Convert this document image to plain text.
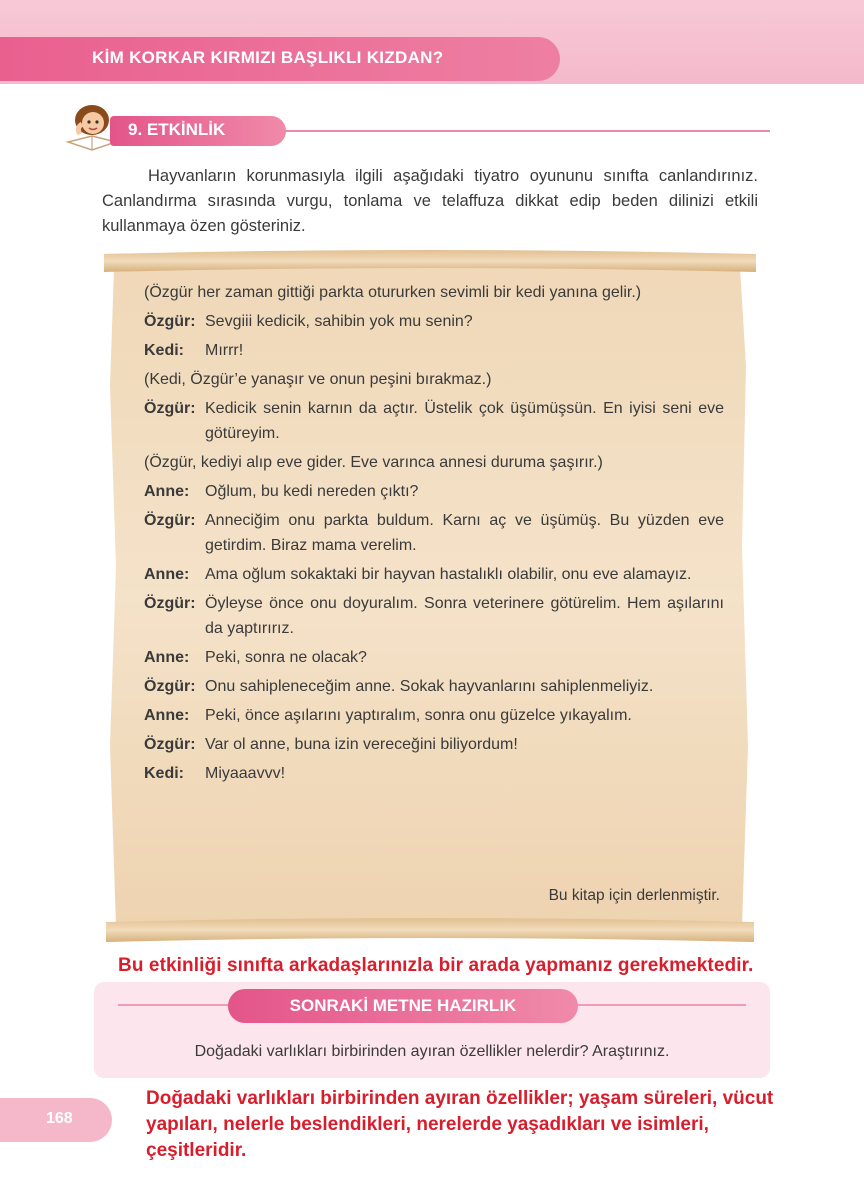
KİM KORKAR KIRMIZI BAŞLIKLI KIZDAN?
9. ETKİNLİK
Hayvanların korunmasıyla ilgili aşağıdaki tiyatro oyununu sınıfta canlandırınız. Canlandırma sırasında vurgu, tonlama ve telaffuza dikkat edip beden dilinizi etkili kullanmaya özen gösteriniz.
(Özgür her zaman gittiği parkta otururken sevimli bir kedi yanına gelir.)
Özgür: Sevgiii kedicik, sahibin yok mu senin?
Kedi:	Mırrr!
(Kedi, Özgür’e yanaşır ve onun peşini bırakmaz.)
Özgür: Kedicik senin karnın da açtır. Üstelik çok üşümüşsün. En iyisi seni eve götüreyim.
(Özgür, kediyi alıp eve gider. Eve varınca annesi duruma şaşırır.)
Anne: Oğlum, bu kedi nereden çıktı?
Özgür: Anneciğim onu parkta buldum. Karnı aç ve üşümüş. Bu yüzden eve getirdim. Biraz mama verelim.
Anne: Ama oğlum sokaktaki bir hayvan hastalıklı olabilir, onu eve alamayız.
Özgür: Öyleyse önce onu doyuralım. Sonra veterinere götürelim. Hem aşılarını da yaptırırız.
Anne: Peki, sonra ne olacak?
Özgür: Onu sahipleneceğim anne. Sokak hayvanlarını sahiplenmeliyiz.
Anne: Peki, önce aşılarını yaptıralım, sonra onu güzelce yıkayalım.
Özgür: Var ol anne, buna izin vereceğini biliyordum!
Kedi:	Miyaaavvv!
Bu kitap için derlenmiştir.
Bu etkinliği sınıfta arkadaşlarınızla bir arada yapmanız gerekmektedir.
SONRAKİ METNE HAZIRLIK
Doğadaki varlıkları birbirinden ayıran özellikler nelerdir? Araştırınız.
168
Doğadaki varlıkları birbirinden ayıran özellikler; yaşam süreleri, vücut yapıları, nelerle beslendikleri, nerelerde yaşadıkları ve isimleri, çeşitleridir.
